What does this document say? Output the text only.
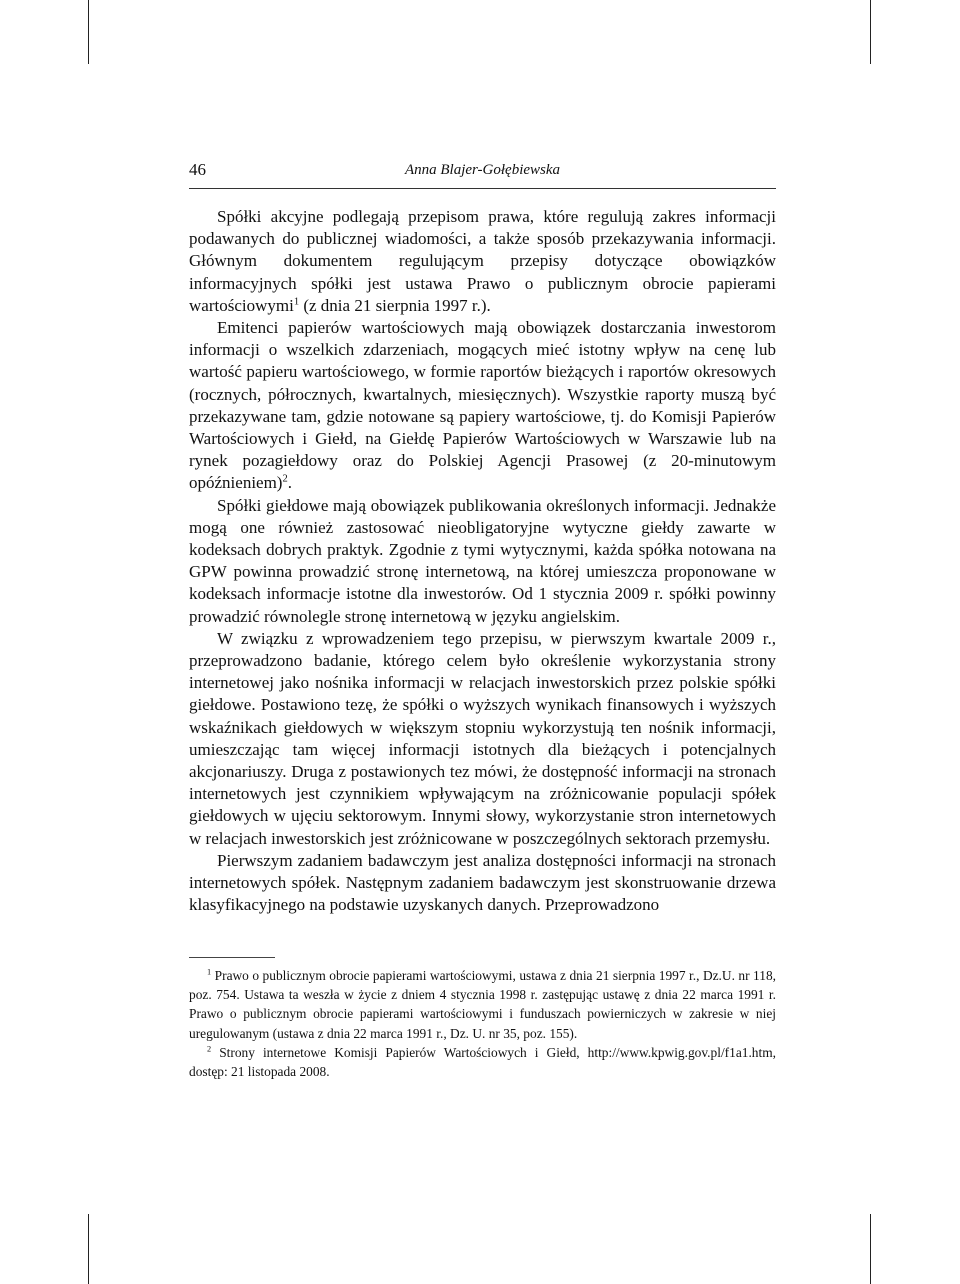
46	Anna Blajer-Gołębiewska

Spółki akcyjne podlegają przepisom prawa, które regulują zakres informacji podawanych do publicznej wiadomości, a także sposób przekazywania informacji. Głównym dokumentem regulującym przepisy dotyczące obowiązków informacyjnych spółki jest ustawa Prawo o publicznym obrocie papierami wartościowymi$^1$ (z dnia 21 sierpnia 1997 r.).

Emitenci papierów wartościowych mają obowiązek dostarczania inwestorom informacji o wszelkich zdarzeniach, mogących mieć istotny wpływ na cenę lub wartość papieru wartościowego, w formie raportów bieżących i raportów okresowych (rocznych, półrocznych, kwartalnych, miesięcznych). Wszystkie raporty muszą być przekazywane tam, gdzie notowane są papiery wartościowe, tj. do Komisji Papierów Wartościowych i Giełd, na Giełdę Papierów Wartościowych w Warszawie lub na rynek pozagiełdowy oraz do Polskiej Agencji Prasowej (z 20-minutowym opóźnieniem)$^2$.

Spółki giełdowe mają obowiązek publikowania określonych informacji. Jednakże mogą one również zastosować nieobligatoryjne wytyczne giełdy zawarte w kodeksach dobrych praktyk. Zgodnie z tymi wytycznymi, każda spółka notowana na GPW powinna prowadzić stronę internetową, na której umieszcza proponowane w kodeksach informacje istotne dla inwestorów. Od 1 stycznia 2009 r. spółki powinny prowadzić równolegle stronę internetową w języku angielskim.

W związku z wprowadzeniem tego przepisu, w pierwszym kwartale 2009 r., przeprowadzono badanie, którego celem było określenie wykorzystania strony internetowej jako nośnika informacji w relacjach inwestorskich przez polskie spółki giełdowe. Postawiono tezę, że spółki o wyższych wynikach finansowych i wyższych wskaźnikach giełdowych w większym stopniu wykorzystują ten nośnik informacji, umieszczając tam więcej informacji istotnych dla bieżących i potencjalnych akcjonariuszy. Druga z postawionych tez mówi, że dostępność informacji na stronach internetowych jest czynnikiem wpływającym na zróżnicowanie populacji spółek giełdowych w ujęciu sektorowym. Innymi słowy, wykorzystanie stron internetowych w relacjach inwestorskich jest zróżnicowane w poszczególnych sektorach przemysłu.

Pierwszym zadaniem badawczym jest analiza dostępności informacji na stronach internetowych spółek. Następnym zadaniem badawczym jest skonstruowanie drzewa klasyfikacyjnego na podstawie uzyskanych danych. Przeprowadzono

$^1$ Prawo o publicznym obrocie papierami wartościowymi, ustawa z dnia 21 sierpnia 1997 r., Dz.U. nr 118, poz. 754. Ustawa ta weszła w życie z dniem 4 stycznia 1998 r. zastępując ustawę z dnia 22 marca 1991 r. Prawo o publicznym obrocie papierami wartościowymi i funduszach powierniczych w zakresie w niej uregulowanym (ustawa z dnia 22 marca 1991 r., Dz. U. nr 35, poz. 155).

$^2$ Strony internetowe Komisji Papierów Wartościowych i Giełd, http://www.kpwig.gov.pl/f1a1.htm, dostęp: 21 listopada 2008.
